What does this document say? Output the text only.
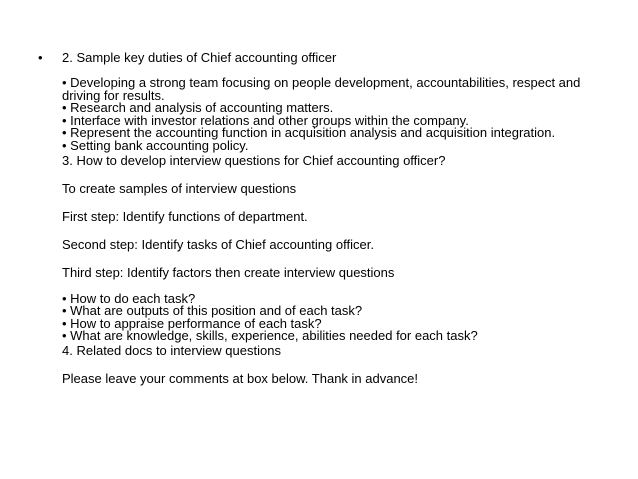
• 2. Sample key duties of Chief accounting officer

• Developing a strong team focusing on people development, accountabilities, respect and

driving for results.

• Research and analysis of accounting matters.

• Interface with investor relations and other groups within the company.

• Represent the accounting function in acquisition analysis and acquisition integration.

• Setting bank accounting policy.

3. How to develop interview questions for Chief accounting officer?

To create samples of interview questions

First step: Identify functions of department.

Second step: Identify tasks of Chief accounting officer.

Third step: Identify factors then create interview questions

• How to do each task?

• What are outputs of this position and of each task?

• How to appraise performance of each task?

• What are knowledge, skills, experience, abilities needed for each task?

4. Related docs to interview questions

Please leave your comments at box below. Thank in advance!
